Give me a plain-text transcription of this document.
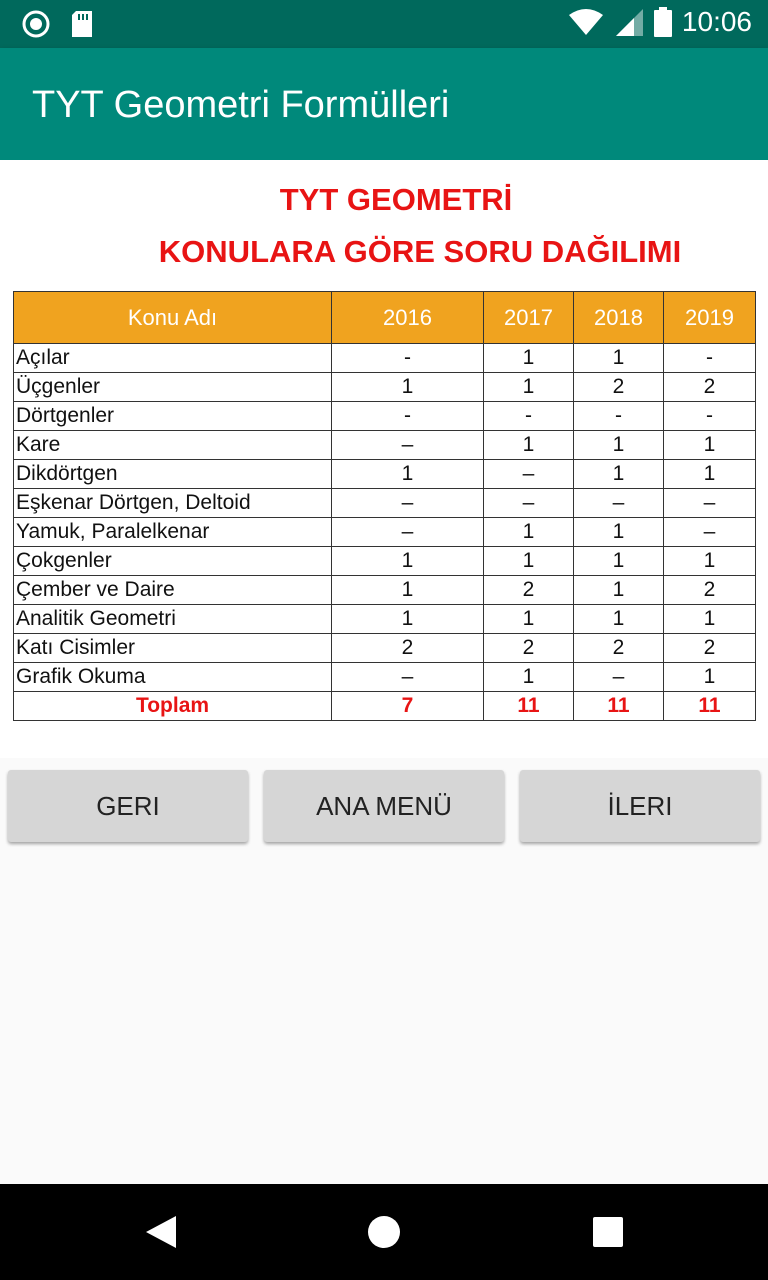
10:06
TYT Geometri Formülleri
TYT GEOMETRİ
KONULARA GÖRE SORU DAĞILIMI
Konu Adı	2016	2017	2018	2019
Açılar	-	1	1	-
Üçgenler	1	1	2	2
Dörtgenler	-	-	-	-
Kare	–	1	1	1
Dikdörtgen	1	–	1	1
Eşkenar Dörtgen, Deltoid	–	–	–	–
Yamuk, Paralelkenar	–	1	1	–
Çokgenler	1	1	1	1
Çember ve Daire	1	2	1	2
Analitik Geometri	1	1	1	1
Katı Cisimler	2	2	2	2
Grafik Okuma	–	1	–	1
Toplam	7	11	11	11
GERI	ANA MENÜ	İLERI
